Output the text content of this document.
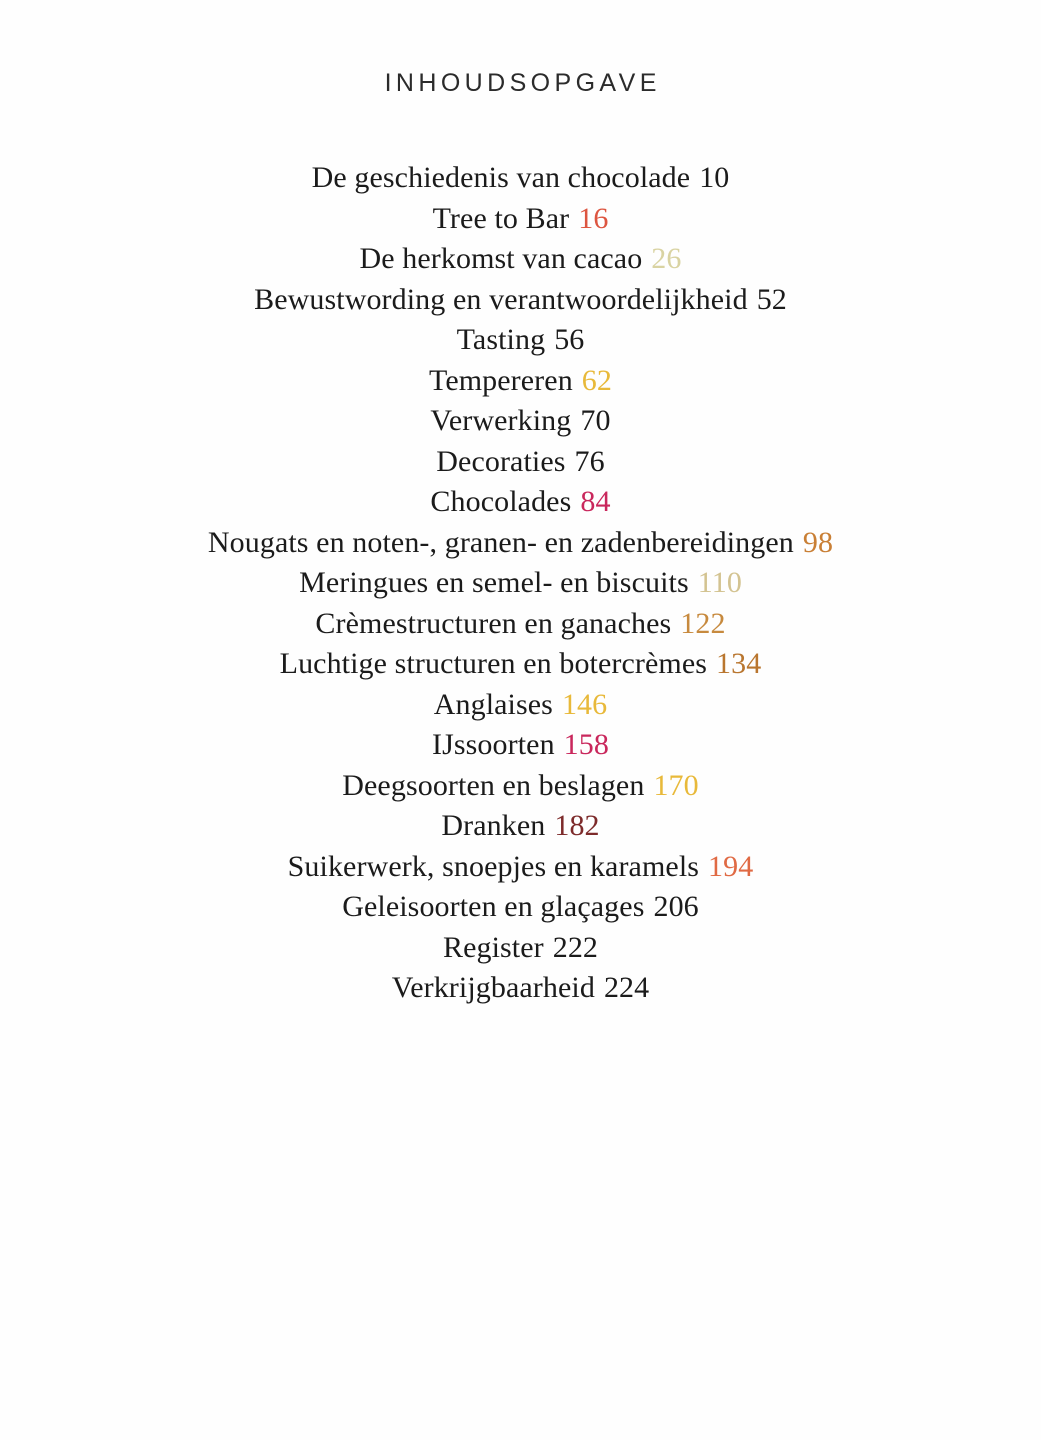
INHOUDSOPGAVE
De geschiedenis van chocolade 10
Tree to Bar 16
De herkomst van cacao 26
Bewustwording en verantwoordelijkheid 52
Tasting 56
Tempereren 62
Verwerking 70
Decoraties 76
Chocolades 84
Nougats en noten-, granen- en zadenbereidingen 98
Meringues en semel- en biscuits 110
Crèmestructuren en ganaches 122
Luchtige structuren en botercrèmes 134
Anglaises 146
IJssoorten 158
Deegsoorten en beslagen 170
Dranken 182
Suikerwerk, snoepjes en karamels 194
Geleisoorten en glaçages 206
Register 222
Verkrijgbaarheid 224
